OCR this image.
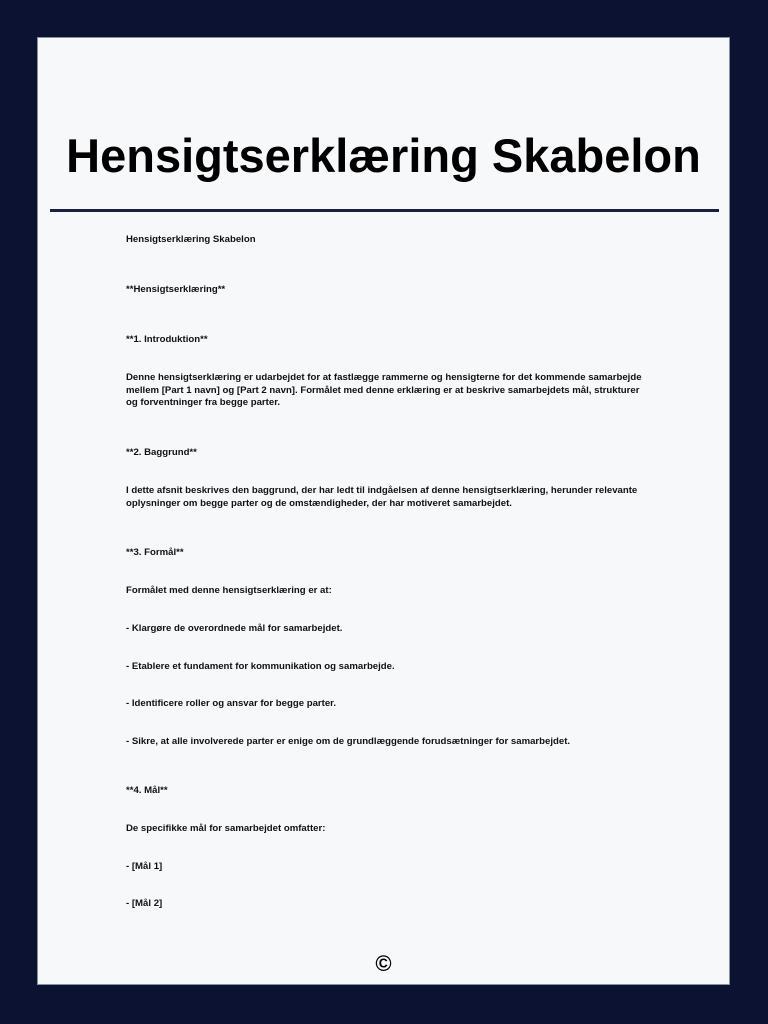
Hensigtserklæring Skabelon

Hensigtserklæring Skabelon

**Hensigtserklæring**

**1. Introduktion**

Denne hensigtserklæring er udarbejdet for at fastlægge rammerne og hensigterne for det kommende samarbejde mellem [Part 1 navn] og [Part 2 navn]. Formålet med denne erklæring er at beskrive samarbejdets mål, strukturer og forventninger fra begge parter.

**2. Baggrund**

I dette afsnit beskrives den baggrund, der har ledt til indgåelsen af denne hensigtserklæring, herunder relevante oplysninger om begge parter og de omstændigheder, der har motiveret samarbejdet.

**3. Formål**

Formålet med denne hensigtserklæring er at:

- Klargøre de overordnede mål for samarbejdet.

- Etablere et fundament for kommunikation og samarbejde.

- Identificere roller og ansvar for begge parter.

- Sikre, at alle involverede parter er enige om de grundlæggende forudsætninger for samarbejdet.

**4. Mål**

De specifikke mål for samarbejdet omfatter:

- [Mål 1]

- [Mål 2]

©
